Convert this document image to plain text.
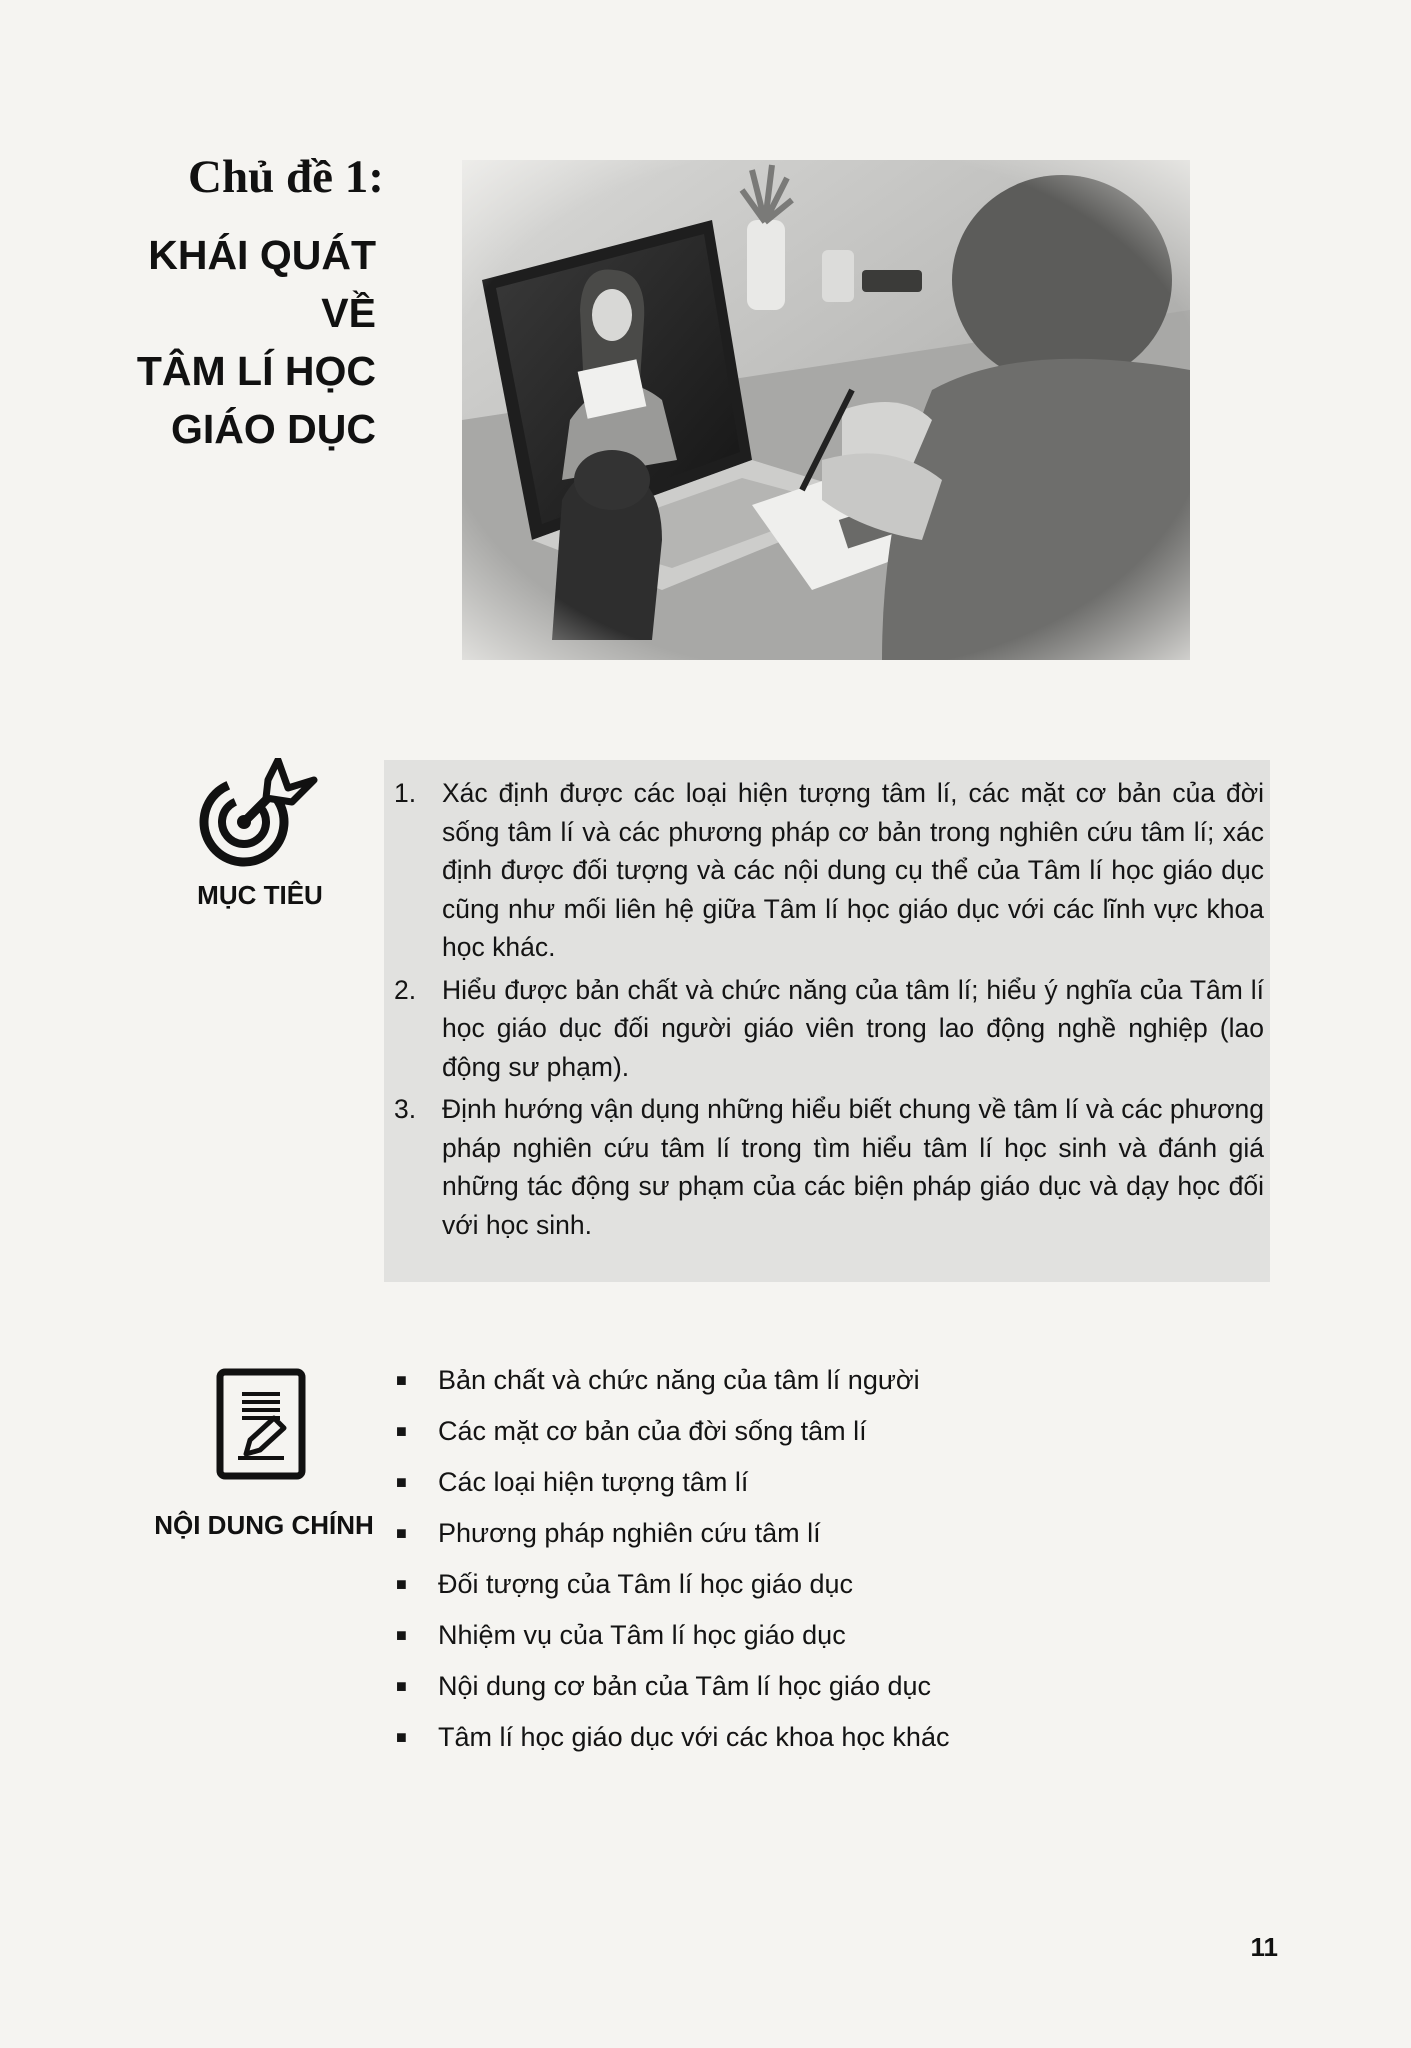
Chủ đề 1:
KHÁI QUÁT
VỀ
TÂM LÍ HỌC
GIÁO DỤC
MỤC TIÊU
1. Xác định được các loại hiện tượng tâm lí, các mặt cơ bản của đời sống tâm lí và các phương pháp cơ bản trong nghiên cứu tâm lí; xác định được đối tượng và các nội dung cụ thể của Tâm lí học giáo dục cũng như mối liên hệ giữa Tâm lí học giáo dục với các lĩnh vực khoa học khác.
2. Hiểu được bản chất và chức năng của tâm lí; hiểu ý nghĩa của Tâm lí học giáo dục đối người giáo viên trong lao động nghề nghiệp (lao động sư phạm).
3. Định hướng vận dụng những hiểu biết chung về tâm lí và các phương pháp nghiên cứu tâm lí trong tìm hiểu tâm lí học sinh và đánh giá những tác động sư phạm của các biện pháp giáo dục và dạy học đối với học sinh.
NỘI DUNG CHÍNH
■	Bản chất và chức năng của tâm lí người
■	Các mặt cơ bản của đời sống tâm lí
■	Các loại hiện tượng tâm lí
■	Phương pháp nghiên cứu tâm lí
■	Đối tượng của Tâm lí học giáo dục
■	Nhiệm vụ của Tâm lí học giáo dục
■	Nội dung cơ bản của Tâm lí học giáo dục
■	Tâm lí học giáo dục với các khoa học khác
11
